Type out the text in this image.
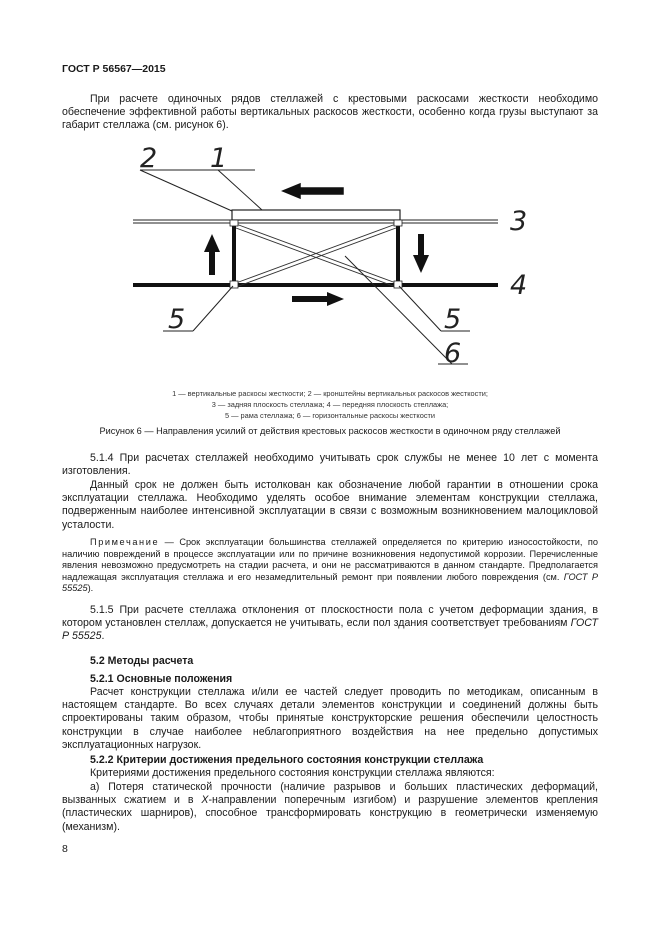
ГОСТ Р 56567—2015
При расчете одиночных рядов стеллажей с крестовыми раскосами жесткости необходимо обеспечение эффективной работы вертикальных раскосов жесткости, особенно когда грузы выступают за габарит стеллажа (см. рисунок 6).
2 1
3
4
5	5
6
1 — вертикальные раскосы жесткости; 2 — кронштейны вертикальных раскосов жесткости;
3 — задняя плоскость стеллажа; 4 — передняя плоскость стеллажа;
5 — рама стеллажа; 6 — горизонтальные раскосы жесткости
Рисунок 6 — Направления усилий от действия крестовых раскосов жесткости в одиночном ряду стеллажей
5.1.4 При расчетах стеллажей необходимо учитывать срок службы не менее 10 лет с момента изготовления.
Данный срок не должен быть истолкован как обозначение любой гарантии в отношении срока эксплуатации стеллажа. Необходимо уделять особое внимание элементам конструкции стеллажа, подверженным наиболее интенсивной эксплуатации в связи с возможным возникновением малоцикловой усталости.
Примечание — Срок эксплуатации большинства стеллажей определяется по критерию износостойкости, по наличию повреждений в процессе эксплуатации или по причине возникновения недопустимой коррозии. Перечисленные явления невозможно предусмотреть на стадии расчета, и они не рассматриваются в данном стандарте. Предполагается надлежащая эксплуатация стеллажа и его незамедлительный ремонт при появлении любого повреждения (см. ГОСТ Р 55525).
5.1.5 При расчете стеллажа отклонения от плоскостности пола с учетом деформации здания, в котором установлен стеллаж, допускается не учитывать, если пол здания соответствует требованиям ГОСТ Р 55525.
5.2 Методы расчета
5.2.1 Основные положения
Расчет конструкции стеллажа и/или ее частей следует проводить по методикам, описанным в настоящем стандарте. Во всех случаях детали элементов конструкции и соединений должны быть спроектированы таким образом, чтобы принятые конструкторские решения обеспечили целостность конструкции в случае наиболее неблагоприятного воздействия на нее предельно допустимых эксплуатационных нагрузок.
5.2.2 Критерии достижения предельного состояния конструкции стеллажа
Критериями достижения предельного состояния конструкции стеллажа являются:
а) Потеря статической прочности (наличие разрывов и больших пластических деформаций, вызванных сжатием и в X-направлении поперечным изгибом) и разрушение элементов крепления (пластических шарниров), способное трансформировать конструкцию в геометрически изменяемую (механизм).
8
